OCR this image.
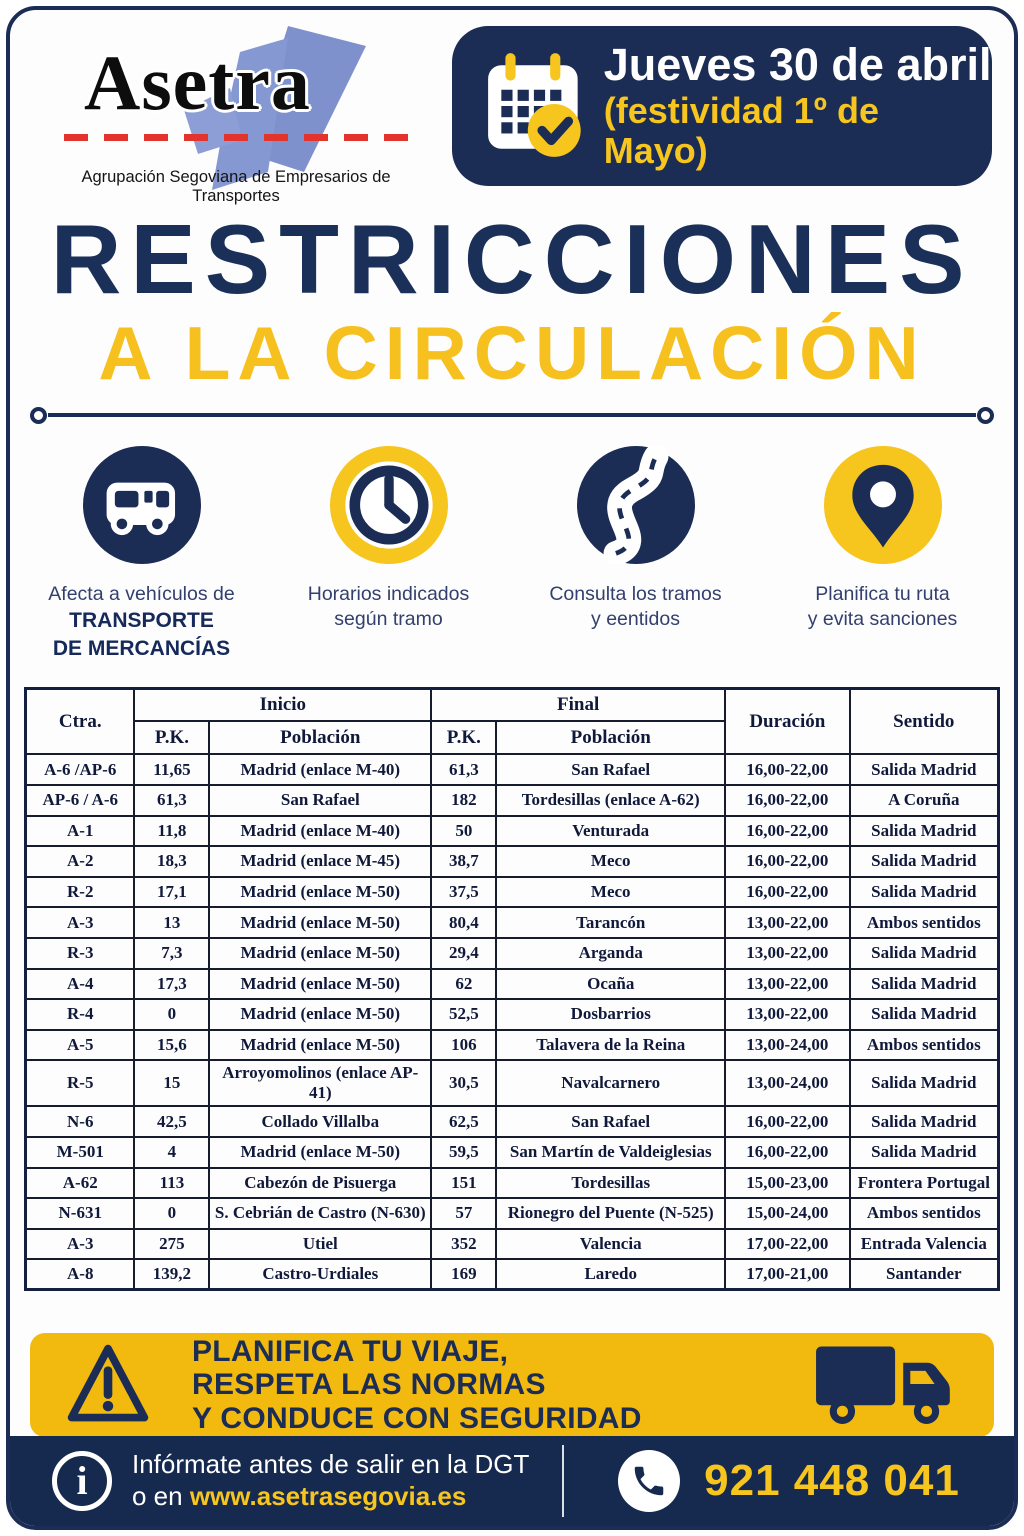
Asetra
Agrupación Segoviana de Empresarios de Transportes
Jueves 30 de abril
(festividad 1º de Mayo)
RESTRICCIONES
A LA CIRCULACIÓN
Afecta a vehículos de
TRANSPORTE
DE MERCANCÍAS
Horarios indicados
según tramo
Consulta los tramos
y eentidos
Planifica tu ruta
y evita sanciones
Ctra.	Inicio		Final		Duración	Sentido
	P.K.	Población	P.K.	Población		
A-6 /AP-6	11,65	Madrid (enlace M-40)	61,3	San Rafael	16,00-22,00	Salida Madrid
AP-6 / A-6	61,3	San Rafael	182	Tordesillas (enlace A-62)	16,00-22,00	A Coruña
A-1	11,8	Madrid (enlace M-40)	50	Venturada	16,00-22,00	Salida Madrid
A-2	18,3	Madrid (enlace M-45)	38,7	Meco	16,00-22,00	Salida Madrid
R-2	17,1	Madrid (enlace M-50)	37,5	Meco	16,00-22,00	Salida Madrid
A-3	13	Madrid (enlace M-50)	80,4	Tarancón	13,00-22,00	Ambos sentidos
R-3	7,3	Madrid (enlace M-50)	29,4	Arganda	13,00-22,00	Salida Madrid
A-4	17,3	Madrid (enlace M-50)	62	Ocaña	13,00-22,00	Salida Madrid
R-4	0	Madrid (enlace M-50)	52,5	Dosbarrios	13,00-22,00	Salida Madrid
A-5	15,6	Madrid (enlace M-50)	106	Talavera de la Reina	13,00-24,00	Ambos sentidos
R-5	15	Arroyomolinos (enlace AP-41)	30,5	Navalcarnero	13,00-24,00	Salida Madrid
N-6	42,5	Collado Villalba	62,5	San Rafael	16,00-22,00	Salida Madrid
M-501	4	Madrid (enlace M-50)	59,5	San Martín de Valdeiglesias	16,00-22,00	Salida Madrid
A-62	113	Cabezón de Pisuerga	151	Tordesillas	15,00-23,00	Frontera Portugal
N-631	0	S. Cebrián de Castro (N-630)	57	Rionegro del Puente (N-525)	15,00-24,00	Ambos sentidos
A-3	275	Utiel	352	Valencia	17,00-22,00	Entrada Valencia
A-8	139,2	Castro-Urdiales	169	Laredo	17,00-21,00	Santander
PLANIFICA TU VIAJE,
RESPETA LAS NORMAS
Y CONDUCE CON SEGURIDAD
i Infórmate antes de salir en la DGT
o en www.asetrasegovia.es	921 448 041
